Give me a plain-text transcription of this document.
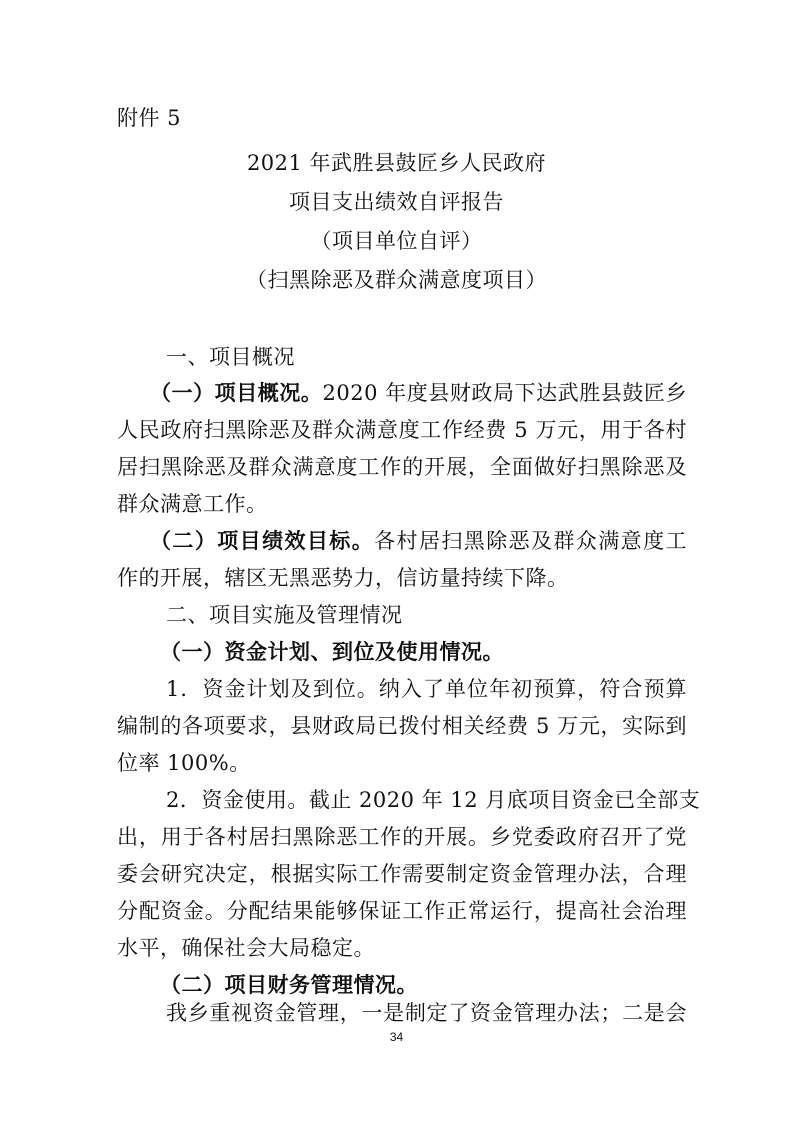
附件 5
2021 年武胜县鼓匠乡人民政府
项目支出绩效自评报告
（项目单位自评）
（扫黑除恶及群众满意度项目）
一、项目概况
（一）项目概况。2020 年度县财政局下达武胜县鼓匠乡
人民政府扫黑除恶及群众满意度工作经费 5 万元，用于各村
居扫黑除恶及群众满意度工作的开展，全面做好扫黑除恶及
群众满意工作。
（二）项目绩效目标。各村居扫黑除恶及群众满意度工
作的开展，辖区无黑恶势力，信访量持续下降。
二、项目实施及管理情况
（一）资金计划、到位及使用情况。
1．资金计划及到位。纳入了单位年初预算，符合预算
编制的各项要求，县财政局已拨付相关经费 5 万元，实际到
位率 100%。
2．资金使用。截止 2020 年 12 月底项目资金已全部支
出，用于各村居扫黑除恶工作的开展。乡党委政府召开了党
委会研究决定，根据实际工作需要制定资金管理办法，合理
分配资金。分配结果能够保证工作正常运行，提高社会治理
水平，确保社会大局稳定。
（二）项目财务管理情况。
我乡重视资金管理，一是制定了资金管理办法；二是会
34
